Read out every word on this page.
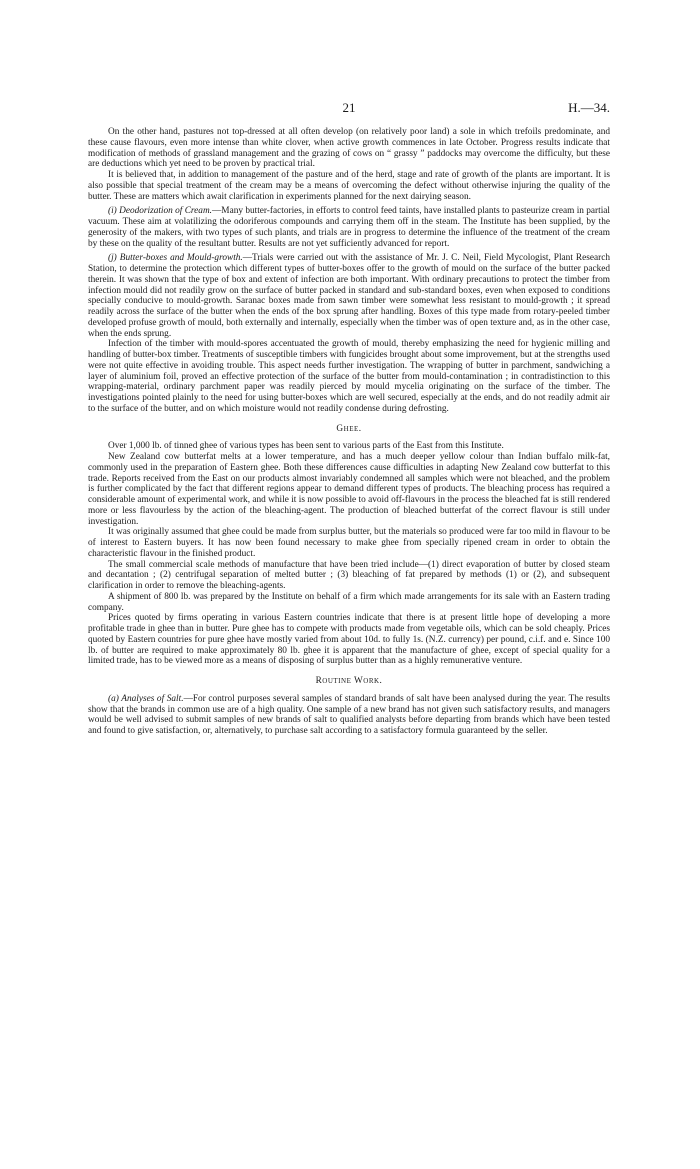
21	H.—34.

On the other hand, pastures not top-dressed at all often develop (on relatively poor land) a sole in which trefoils predominate, and these cause flavours, even more intense than white clover, when active growth commences in late October. Progress results indicate that modification of methods of grassland management and the grazing of cows on “ grassy ” paddocks may overcome the difficulty, but these are deductions which yet need to be proven by practical trial.

It is believed that, in addition to management of the pasture and of the herd, stage and rate of growth of the plants are important. It is also possible that special treatment of the cream may be a means of overcoming the defect without otherwise injuring the quality of the butter. These are matters which await clarification in experiments planned for the next dairying season.

(i) Deodorization of Cream.—Many butter-factories, in efforts to control feed taints, have installed plants to pasteurize cream in partial vacuum. These aim at volatilizing the odoriferous compounds and carrying them off in the steam. The Institute has been supplied, by the generosity of the makers, with two types of such plants, and trials are in progress to determine the influence of the treatment of the cream by these on the quality of the resultant butter. Results are not yet sufficiently advanced for report.

(j) Butter-boxes and Mould-growth.—Trials were carried out with the assistance of Mr. J. C. Neil, Field Mycologist, Plant Research Station, to determine the protection which different types of butter-boxes offer to the growth of mould on the surface of the butter packed therein. It was shown that the type of box and extent of infection are both important. With ordinary precautions to protect the timber from infection mould did not readily grow on the surface of butter packed in standard and sub-standard boxes, even when exposed to conditions specially conducive to mould-growth. Saranac boxes made from sawn timber were somewhat less resistant to mould-growth ; it spread readily across the surface of the butter when the ends of the box sprung after handling. Boxes of this type made from rotary-peeled timber developed profuse growth of mould, both externally and internally, especially when the timber was of open texture and, as in the other case, when the ends sprung.

Infection of the timber with mould-spores accentuated the growth of mould, thereby emphasizing the need for hygienic milling and handling of butter-box timber. Treatments of susceptible timbers with fungicides brought about some improvement, but at the strengths used were not quite effective in avoiding trouble. This aspect needs further investigation. The wrapping of butter in parchment, sandwiching a layer of aluminium foil, proved an effective protection of the surface of the butter from mould-contamination ; in contradistinction to this wrapping-material, ordinary parchment paper was readily pierced by mould mycelia originating on the surface of the timber. The investigations pointed plainly to the need for using butter-boxes which are well secured, especially at the ends, and do not readily admit air to the surface of the butter, and on which moisture would not readily condense during defrosting.

Ghee.

Over 1,000 lb. of tinned ghee of various types has been sent to various parts of the East from this Institute.

New Zealand cow butterfat melts at a lower temperature, and has a much deeper yellow colour than Indian buffalo milk-fat, commonly used in the preparation of Eastern ghee. Both these differences cause difficulties in adapting New Zealand cow butterfat to this trade. Reports received from the East on our products almost invariably condemned all samples which were not bleached, and the problem is further complicated by the fact that different regions appear to demand different types of products. The bleaching process has required a considerable amount of experimental work, and while it is now possible to avoid off-flavours in the process the bleached fat is still rendered more or less flavourless by the action of the bleaching-agent. The production of bleached butterfat of the correct flavour is still under investigation.

It was originally assumed that ghee could be made from surplus butter, but the materials so produced were far too mild in flavour to be of interest to Eastern buyers. It has now been found necessary to make ghee from specially ripened cream in order to obtain the characteristic flavour in the finished product.

The small commercial scale methods of manufacture that have been tried include—(1) direct evaporation of butter by closed steam and decantation ; (2) centrifugal separation of melted butter ; (3) bleaching of fat prepared by methods (1) or (2), and subsequent clarification in order to remove the bleaching-agents.

A shipment of 800 lb. was prepared by the Institute on behalf of a firm which made arrangements for its sale with an Eastern trading company.

Prices quoted by firms operating in various Eastern countries indicate that there is at present little hope of developing a more profitable trade in ghee than in butter. Pure ghee has to compete with products made from vegetable oils, which can be sold cheaply. Prices quoted by Eastern countries for pure ghee have mostly varied from about 10d. to fully 1s. (N.Z. currency) per pound, c.i.f. and e. Since 100 lb. of butter are required to make approximately 80 lb. ghee it is apparent that the manufacture of ghee, except of special quality for a limited trade, has to be viewed more as a means of disposing of surplus butter than as a highly remunerative venture.

Routine Work.

(a) Analyses of Salt.—For control purposes several samples of standard brands of salt have been analysed during the year. The results show that the brands in common use are of a high quality. One sample of a new brand has not given such satisfactory results, and managers would be well advised to submit samples of new brands of salt to qualified analysts before departing from brands which have been tested and found to give satisfaction, or, alternatively, to purchase salt according to a satisfactory formula guaranteed by the seller.
